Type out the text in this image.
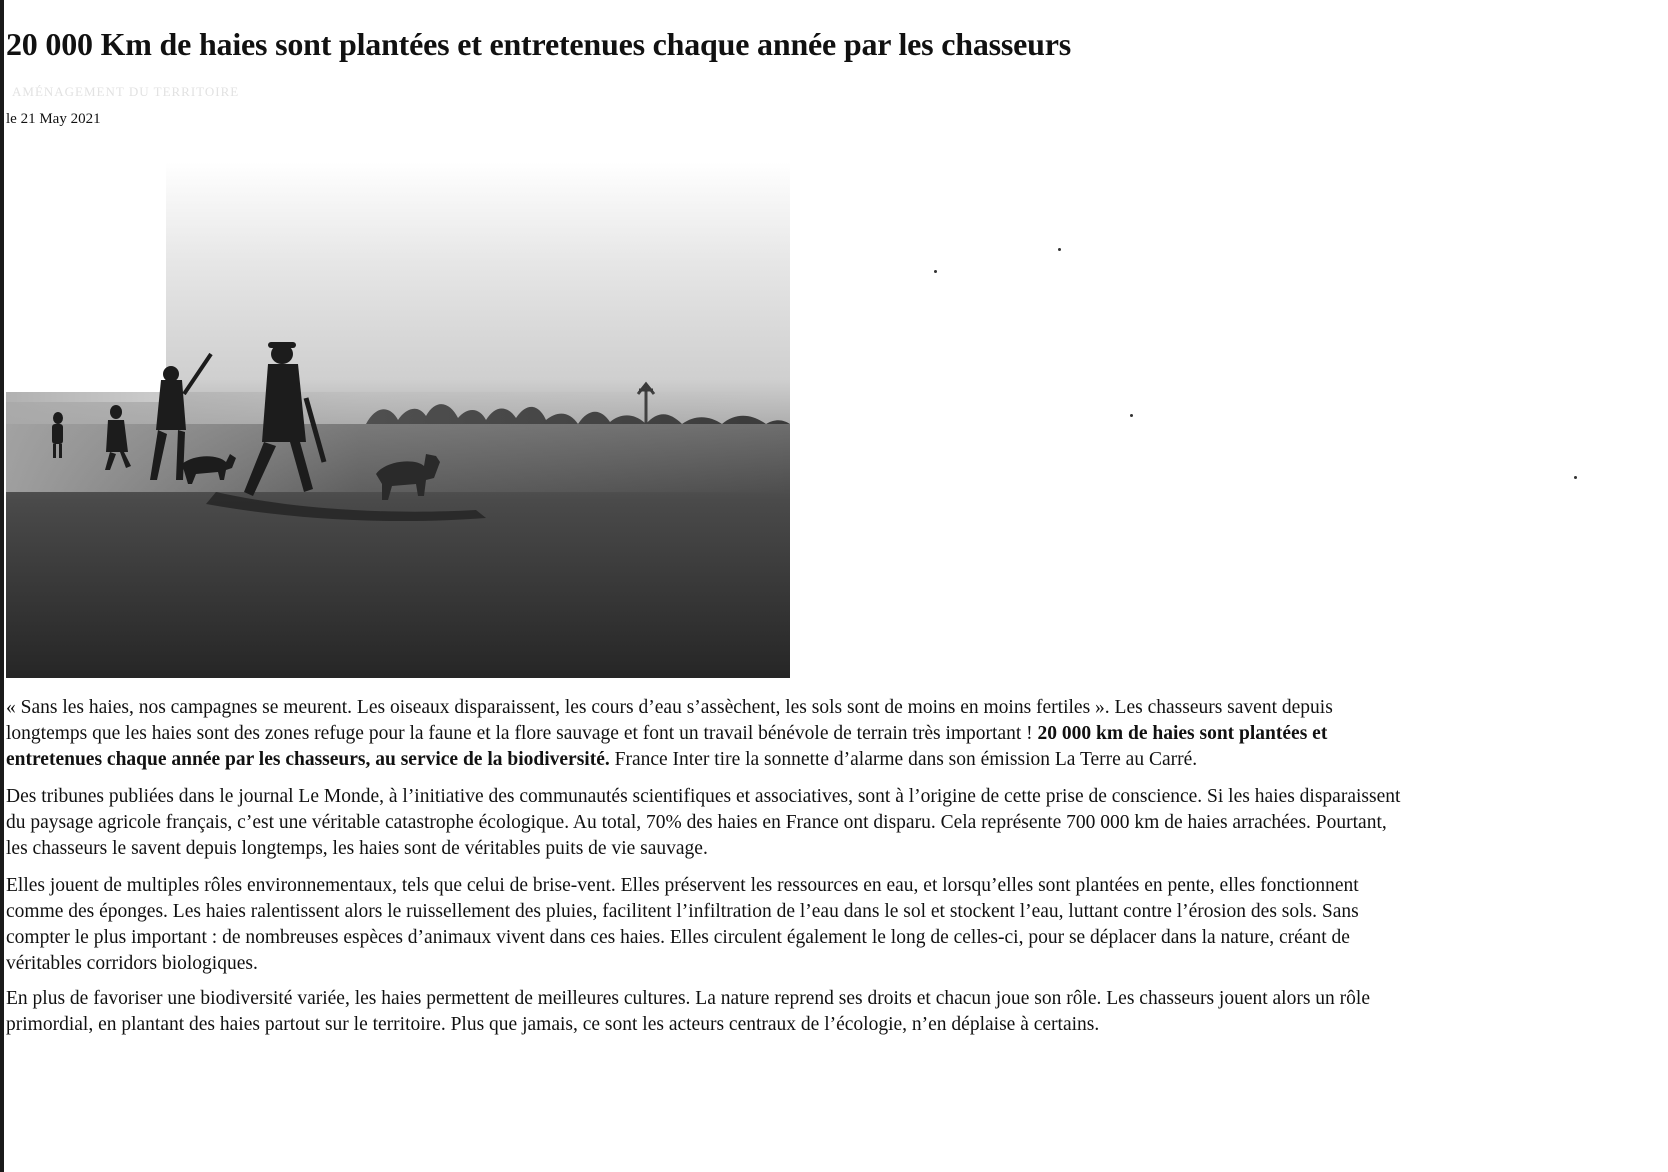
20 000 Km de haies sont plantées et entretenues chaque année par les chasseurs
AMÉNAGEMENT DU TERRITOIRE
le 21 May 2021

« Sans les haies, nos campagnes se meurent. Les oiseaux disparaissent, les cours d’eau s’assèchent, les sols sont de moins en moins fertiles ». Les chasseurs savent depuis longtemps que les haies sont des zones refuge pour la faune et la flore sauvage et font un travail bénévole de terrain très important ! 20 000 km de haies sont plantées et entretenues chaque année par les chasseurs, au service de la biodiversité. France Inter tire la sonnette d’alarme dans son émission La Terre au Carré.

Des tribunes publiées dans le journal Le Monde, à l’initiative des communautés scientifiques et associatives, sont à l’origine de cette prise de conscience. Si les haies disparaissent du paysage agricole français, c’est une véritable catastrophe écologique. Au total, 70% des haies en France ont disparu. Cela représente 700 000 km de haies arrachées. Pourtant, les chasseurs le savent depuis longtemps, les haies sont de véritables puits de vie sauvage.

Elles jouent de multiples rôles environnementaux, tels que celui de brise-vent. Elles préservent les ressources en eau, et lorsqu’elles sont plantées en pente, elles fonctionnent comme des éponges. Les haies ralentissent alors le ruissellement des pluies, facilitent l’infiltration de l’eau dans le sol et stockent l’eau, luttant contre l’érosion des sols. Sans compter le plus important : de nombreuses espèces d’animaux vivent dans ces haies. Elles circulent également le long de celles-ci, pour se déplacer dans la nature, créant de véritables corridors biologiques.

En plus de favoriser une biodiversité variée, les haies permettent de meilleures cultures. La nature reprend ses droits et chacun joue son rôle. Les chasseurs jouent alors un rôle primordial, en plantant des haies partout sur le territoire. Plus que jamais, ce sont les acteurs centraux de l’écologie, n’en déplaise à certains.
